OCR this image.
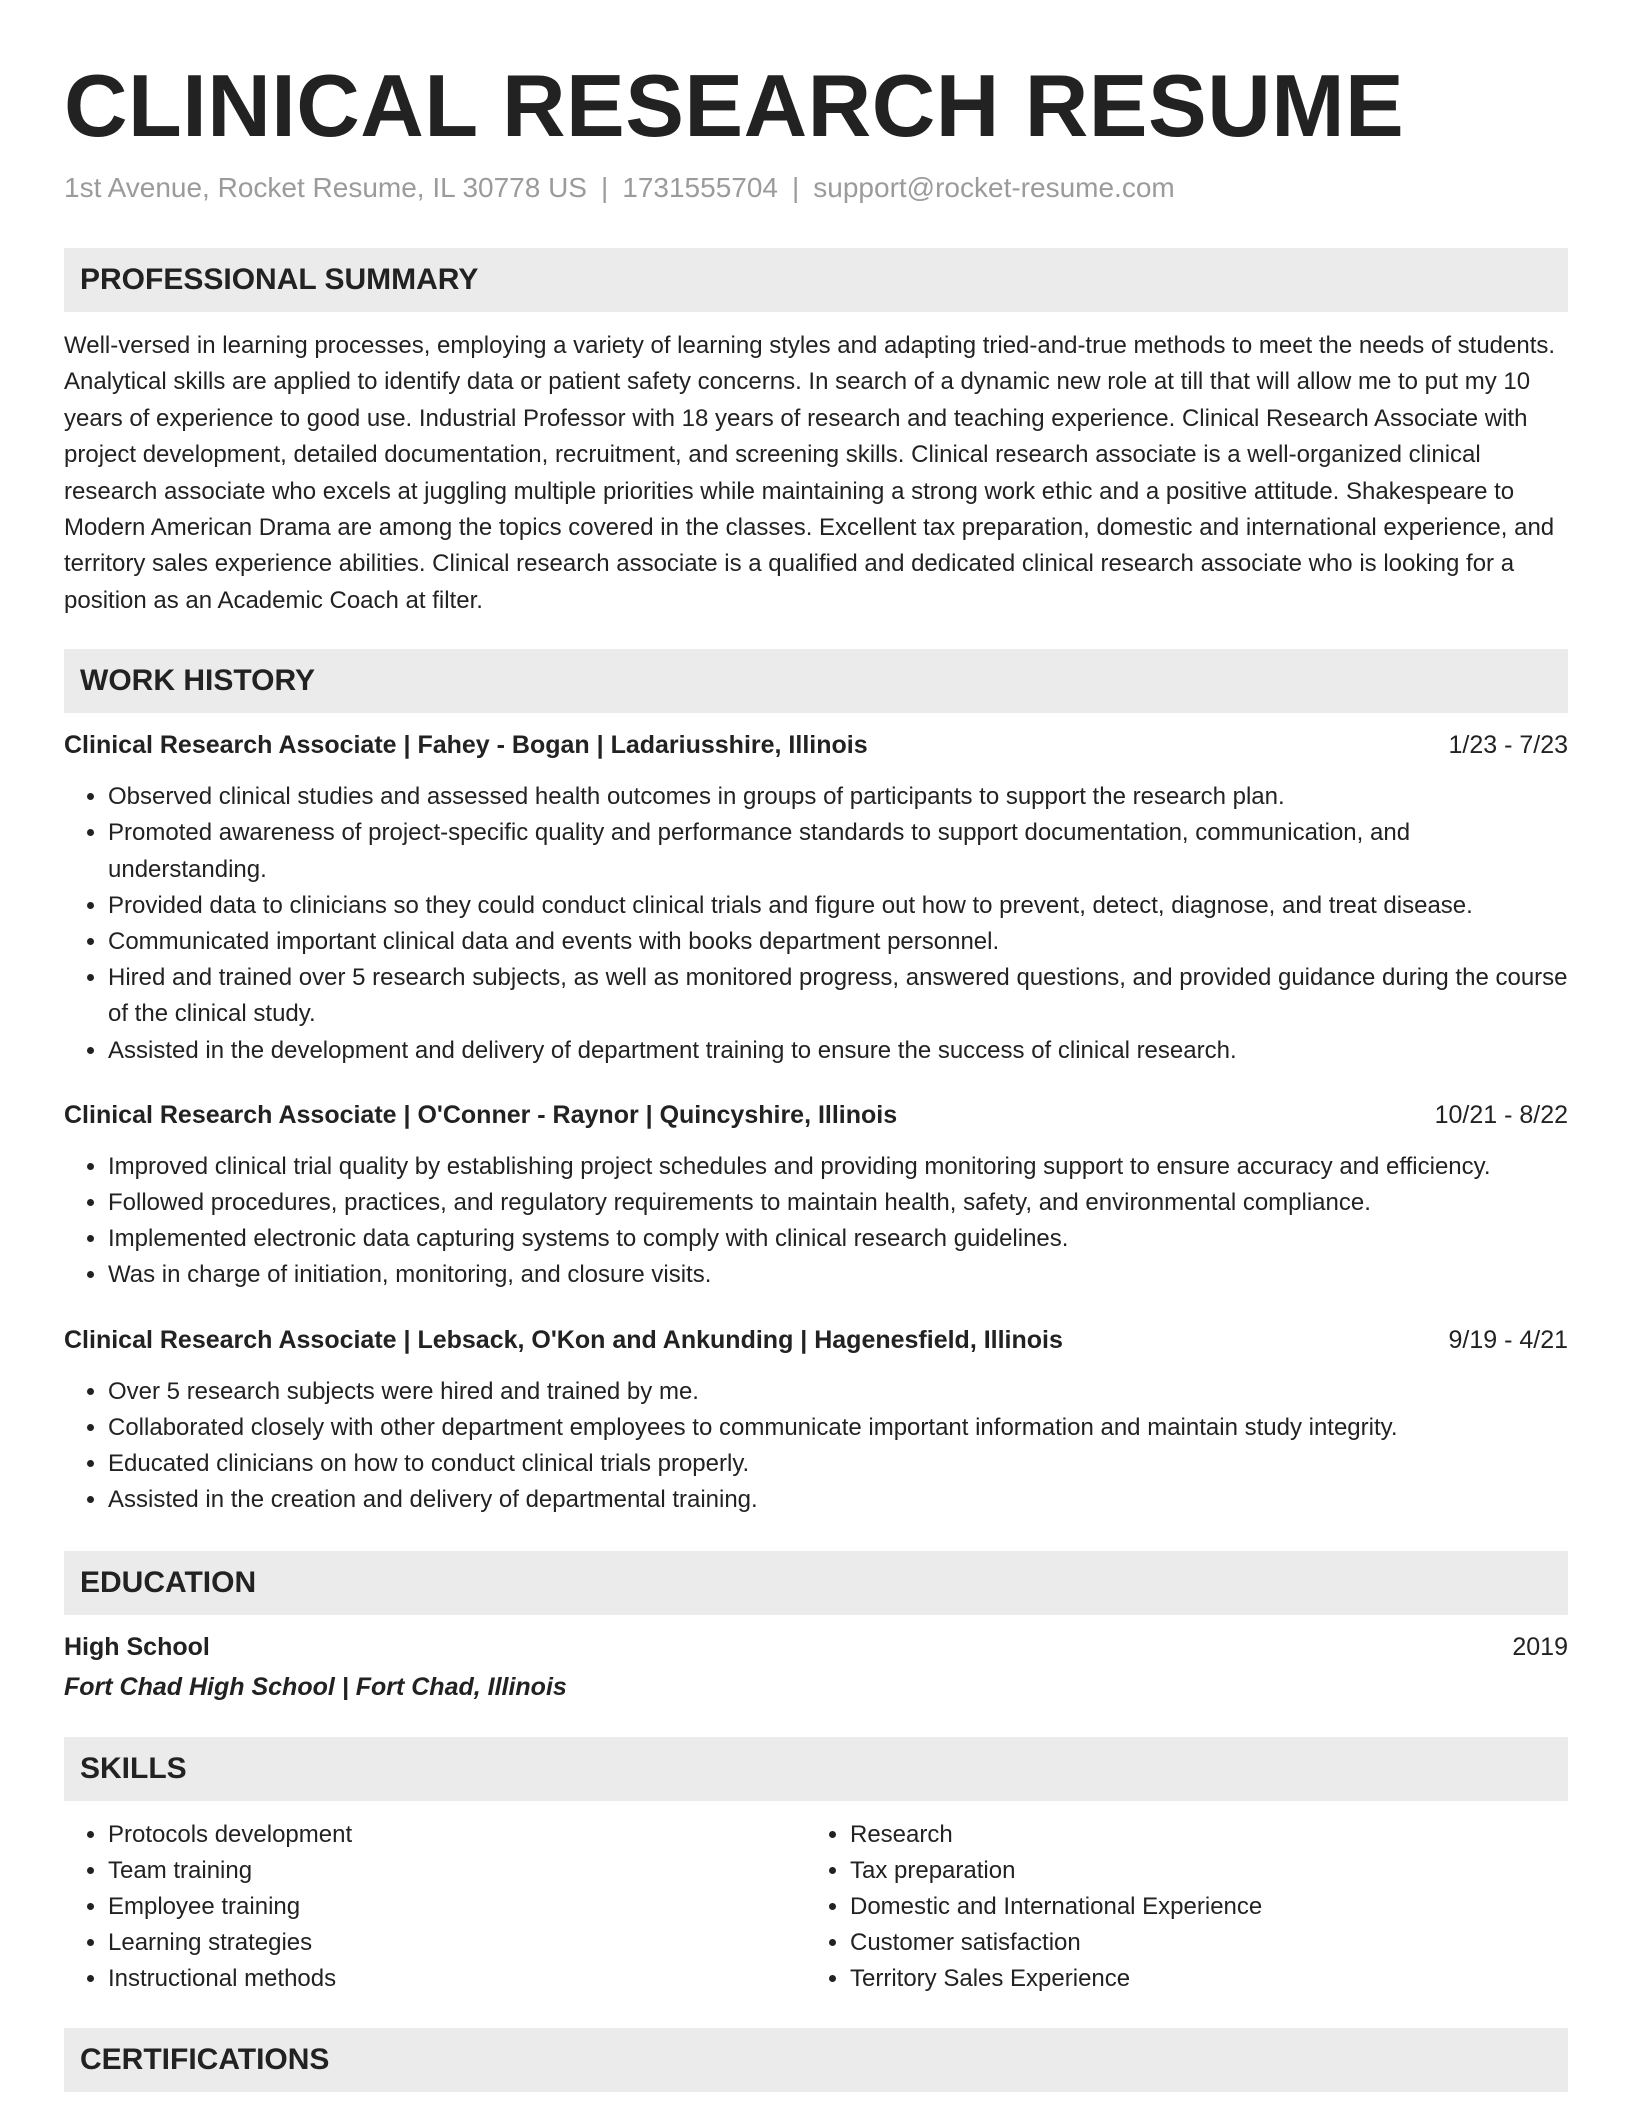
CLINICAL RESEARCH RESUME
1st Avenue, Rocket Resume, IL 30778 US | 1731555704 | support@rocket-resume.com
PROFESSIONAL SUMMARY

Well-versed in learning processes, employing a variety of learning styles and adapting tried-and-true methods to meet the needs of students. Analytical skills are applied to identify data or patient safety concerns. In search of a dynamic new role at till that will allow me to put my 10 years of experience to good use. Industrial Professor with 18 years of research and teaching experience. Clinical Research Associate with project development, detailed documentation, recruitment, and screening skills. Clinical research associate is a well-organized clinical research associate who excels at juggling multiple priorities while maintaining a strong work ethic and a positive attitude. Shakespeare to Modern American Drama are among the topics covered in the classes. Excellent tax preparation, domestic and international experience, and territory sales experience abilities. Clinical research associate is a qualified and dedicated clinical research associate who is looking for a position as an Academic Coach at filter.

WORK HISTORY
Clinical Research Associate | Fahey - Bogan | Ladariusshire, Illinois	1/23 - 7/23
• Observed clinical studies and assessed health outcomes in groups of participants to support the research plan.
• Promoted awareness of project-specific quality and performance standards to support documentation, communication, and understanding.
• Provided data to clinicians so they could conduct clinical trials and figure out how to prevent, detect, diagnose, and treat disease.
• Communicated important clinical data and events with books department personnel.
• Hired and trained over 5 research subjects, as well as monitored progress, answered questions, and provided guidance during the course of the clinical study.
• Assisted in the development and delivery of department training to ensure the success of clinical research.
Clinical Research Associate | O'Conner - Raynor | Quincyshire, Illinois	10/21 - 8/22
• Improved clinical trial quality by establishing project schedules and providing monitoring support to ensure accuracy and efficiency.
• Followed procedures, practices, and regulatory requirements to maintain health, safety, and environmental compliance.
• Implemented electronic data capturing systems to comply with clinical research guidelines.
• Was in charge of initiation, monitoring, and closure visits.
Clinical Research Associate | Lebsack, O'Kon and Ankunding | Hagenesfield, Illinois	9/19 - 4/21
• Over 5 research subjects were hired and trained by me.
• Collaborated closely with other department employees to communicate important information and maintain study integrity.
• Educated clinicians on how to conduct clinical trials properly.
• Assisted in the creation and delivery of departmental training.
EDUCATION
High School	2019
Fort Chad High School | Fort Chad, Illinois
SKILLS
• Protocols development
• Team training
• Employee training
• Learning strategies
• Instructional methods
• Research
• Tax preparation
• Domestic and International Experience
• Customer satisfaction
• Territory Sales Experience
CERTIFICATIONS
